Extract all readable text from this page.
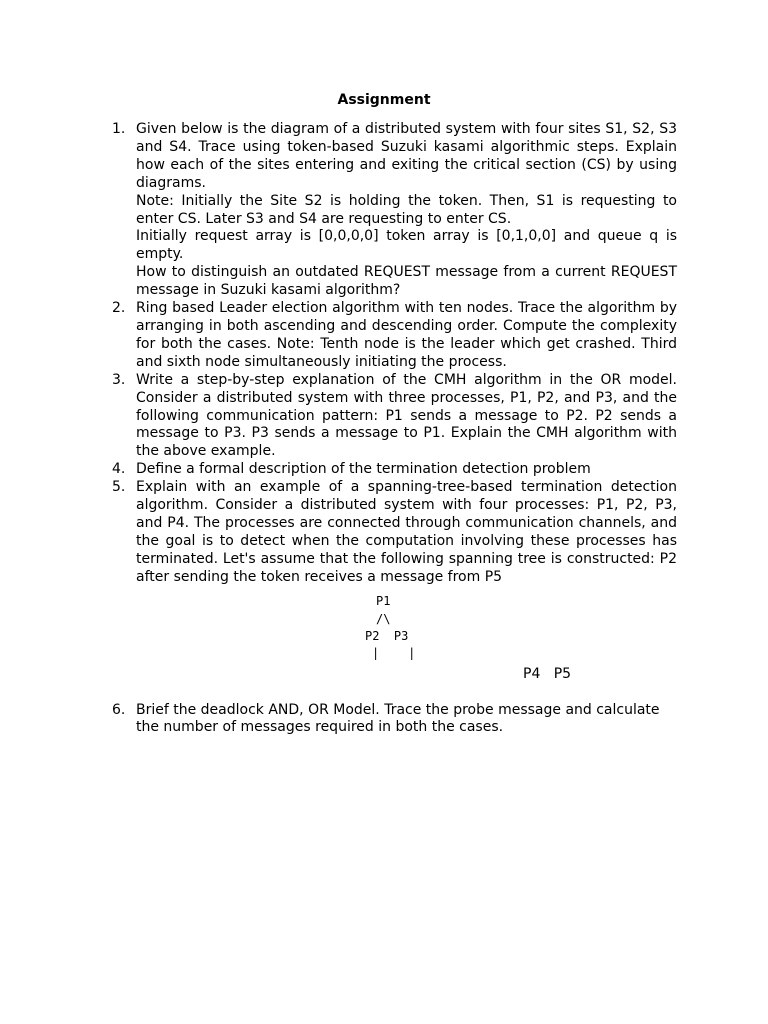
Assignment
1. Given below is the diagram of a distributed system with four sites S1, S2, S3 and S4. Trace using token-based Suzuki kasami algorithmic steps. Explain how each of the sites entering and exiting the critical section (CS) by using diagrams.

Note: Initially the Site S2 is holding the token. Then, S1 is requesting to enter CS. Later S3 and S4 are requesting to enter CS.

Initially request array is [0,0,0,0] token array is [0,1,0,0] and queue q is empty.

How to distinguish an outdated REQUEST message from a current REQUEST message in Suzuki kasami algorithm?

2. Ring based Leader election algorithm with ten nodes. Trace the algorithm by arranging in both ascending and descending order. Compute the complexity for both the cases. Note: Tenth node is the leader which get crashed. Third and sixth node simultaneously initiating the process.

3. Write a step-by-step explanation of the CMH algorithm in the OR model. Consider a distributed system with three processes, P1, P2, and P3, and the following communication pattern: P1 sends a message to P2. P2 sends a message to P3. P3 sends a message to P1. Explain the CMH algorithm with the above example.

4. Define a formal description of the termination detection problem

5. Explain with an example of a spanning-tree-based termination detection algorithm. Consider a distributed system with four processes: P1, P2, P3, and P4. The processes are connected through communication channels, and the goal is to detect when the computation involving these processes has terminated. Let's assume that the following spanning tree is constructed: P2 after sending the token receives a message from P5

P1
/\
P2  P3
|    |
P4   P5
6. Brief the deadlock AND, OR Model. Trace the probe message and calculate the number of messages required in both the cases.
